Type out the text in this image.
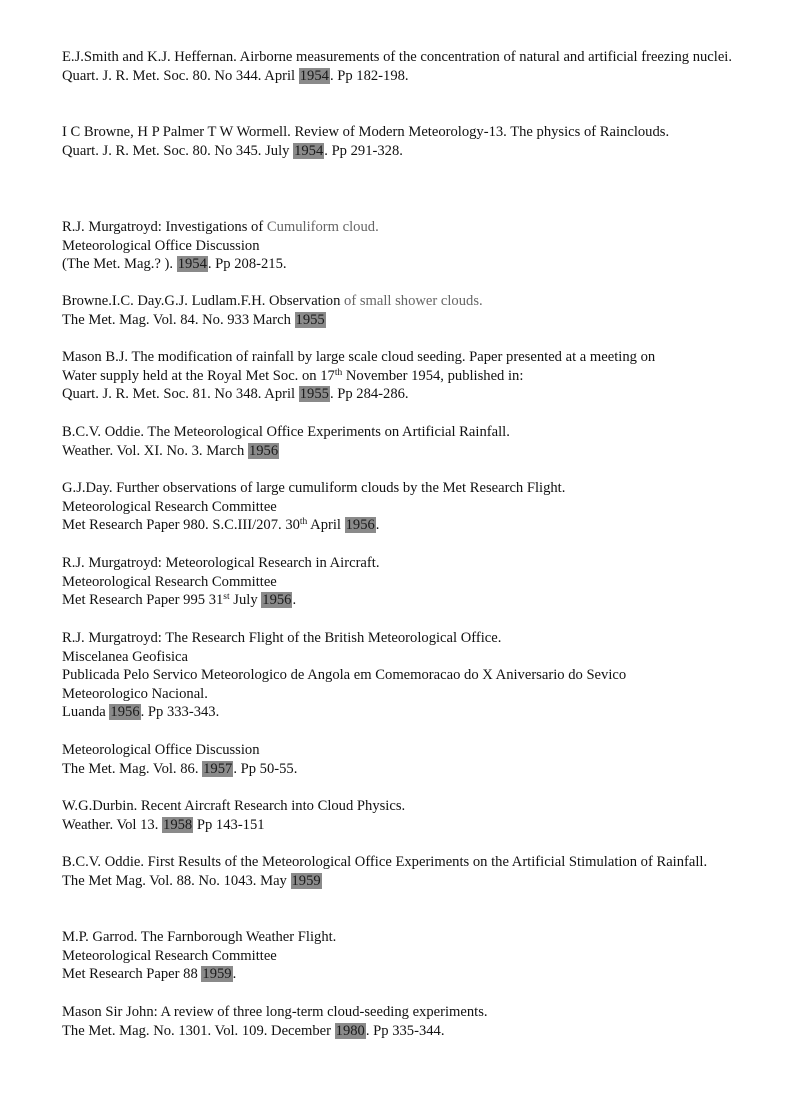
E.J.Smith and K.J. Heffernan. Airborne measurements of the concentration of natural and artificial freezing nuclei.
Quart. J. R. Met. Soc. 80. No 344. April 1954. Pp 182-198.
I C Browne, H P Palmer T W Wormell. Review of Modern Meteorology-13. The physics of Rainclouds.
Quart. J. R. Met. Soc. 80. No 345. July 1954. Pp 291-328.
R.J. Murgatroyd: Investigations of Cumuliform cloud.
Meteorological Office Discussion
(The Met. Mag.? ). 1954. Pp 208-215.
Browne.I.C. Day.G.J. Ludlam.F.H. Observation of small shower clouds.
The Met. Mag. Vol. 84. No. 933 March 1955
Mason B.J. The modification of rainfall by large scale cloud seeding. Paper presented at a meeting on
Water supply held at the Royal Met Soc. on 17th November 1954, published in:
Quart. J. R. Met. Soc. 81. No 348. April 1955. Pp 284-286.
B.C.V. Oddie. The Meteorological Office Experiments on Artificial Rainfall.
Weather. Vol. XI. No. 3. March 1956
G.J.Day. Further observations of large cumuliform clouds by the Met Research Flight.
Meteorological Research Committee
Met Research Paper 980. S.C.III/207. 30th April 1956.
R.J. Murgatroyd: Meteorological Research in Aircraft.
Meteorological Research Committee
Met Research Paper 995 31st July 1956.
R.J. Murgatroyd: The Research Flight of the British Meteorological Office.
Miscelanea Geofisica
Publicada Pelo Servico Meteorologico de Angola em Comemoracao do X Aniversario do Sevico
Meteorologico Nacional.
Luanda 1956. Pp 333-343.
Meteorological Office Discussion
The Met. Mag. Vol. 86. 1957. Pp 50-55.
W.G.Durbin. Recent Aircraft Research into Cloud Physics.
Weather. Vol 13. 1958 Pp 143-151
B.C.V. Oddie. First Results of the Meteorological Office Experiments on the Artificial Stimulation of Rainfall.
The Met Mag. Vol. 88. No. 1043. May 1959
M.P. Garrod. The Farnborough Weather Flight.
Meteorological Research Committee
Met Research Paper 88 1959.
Mason Sir John: A review of three long-term cloud-seeding experiments.
The Met. Mag. No. 1301. Vol. 109. December 1980. Pp 335-344.
